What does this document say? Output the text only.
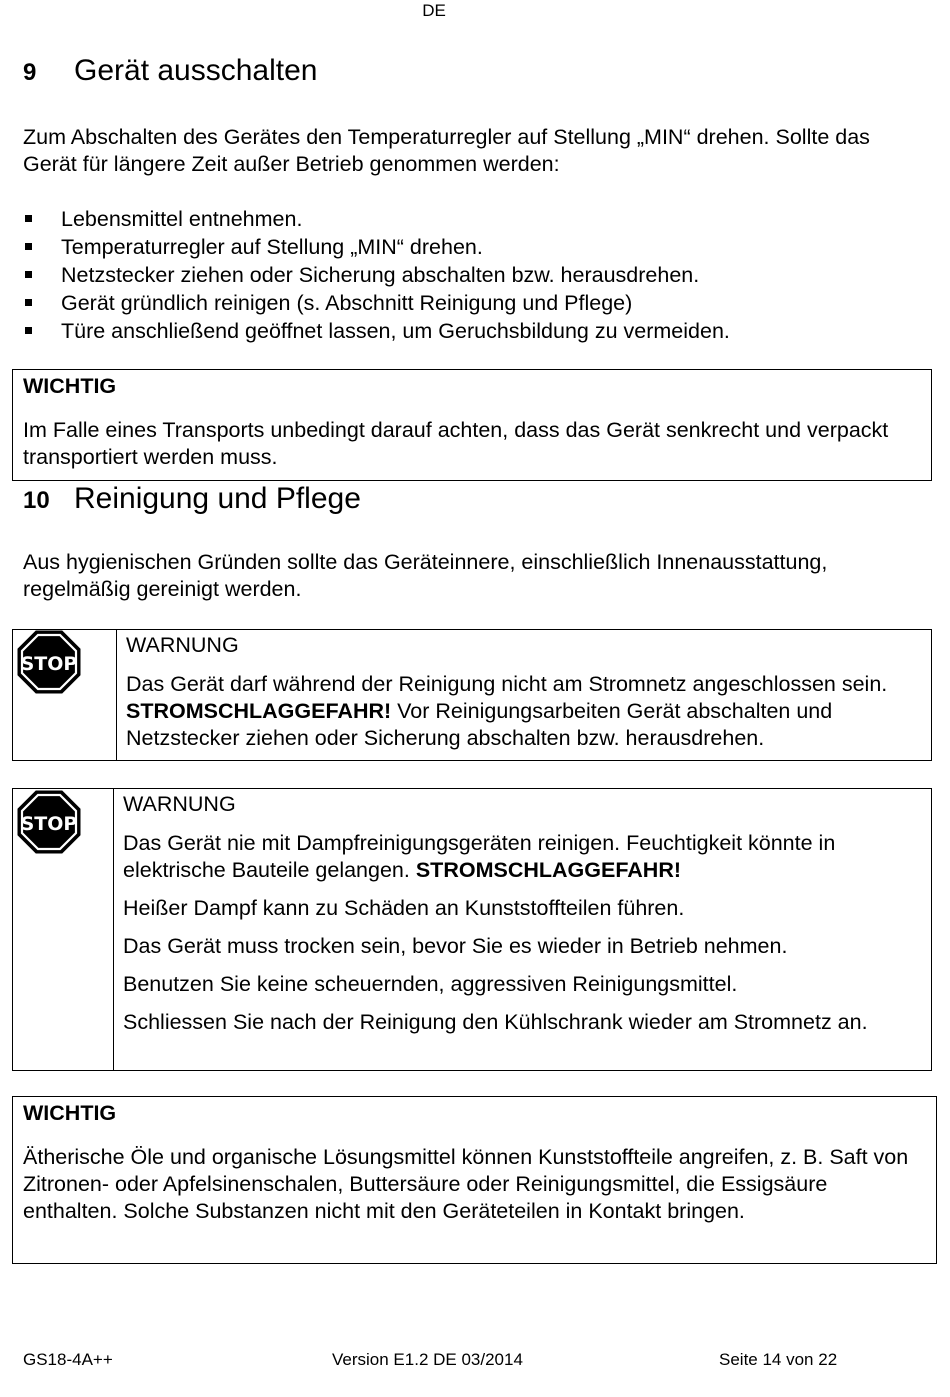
DE
9 Gerät ausschalten
Zum Abschalten des Gerätes den Temperaturregler auf Stellung „MIN“ drehen. Sollte das Gerät für längere Zeit außer Betrieb genommen werden:
Lebensmittel entnehmen.
Temperaturregler auf Stellung „MIN“ drehen.
Netzstecker ziehen oder Sicherung abschalten bzw. herausdrehen.
Gerät gründlich reinigen (s. Abschnitt Reinigung und Pflege)
Türe anschließend geöffnet lassen, um Geruchsbildung zu vermeiden.
WICHTIG
Im Falle eines Transports unbedingt darauf achten, dass das Gerät senkrecht und verpackt transportiert werden muss.
10 Reinigung und Pflege
Aus hygienischen Gründen sollte das Geräteinnere, einschließlich Innenausstattung, regelmäßig gereinigt werden.
STOP
WARNUNG
Das Gerät darf während der Reinigung nicht am Stromnetz angeschlossen sein. STROMSCHLAGGEFAHR! Vor Reinigungsarbeiten Gerät abschalten und Netzstecker ziehen oder Sicherung abschalten bzw. herausdrehen.
STOP
WARNUNG
Das Gerät nie mit Dampfreinigungsgeräten reinigen. Feuchtigkeit könnte in elektrische Bauteile gelangen. STROMSCHLAGGEFAHR!
Heißer Dampf kann zu Schäden an Kunststoffteilen führen.
Das Gerät muss trocken sein, bevor Sie es wieder in Betrieb nehmen.
Benutzen Sie keine scheuernden, aggressiven Reinigungsmittel.
Schliessen Sie nach der Reinigung den Kühlschrank wieder am Stromnetz an.
WICHTIG
Ätherische Öle und organische Lösungsmittel können Kunststoffteile angreifen, z. B. Saft von Zitronen- oder Apfelsinenschalen, Buttersäure oder Reinigungsmittel, die Essigsäure enthalten. Solche Substanzen nicht mit den Geräteteilen in Kontakt bringen.
GS18-4A++	Version E1.2 DE 03/2014	Seite 14 von 22
